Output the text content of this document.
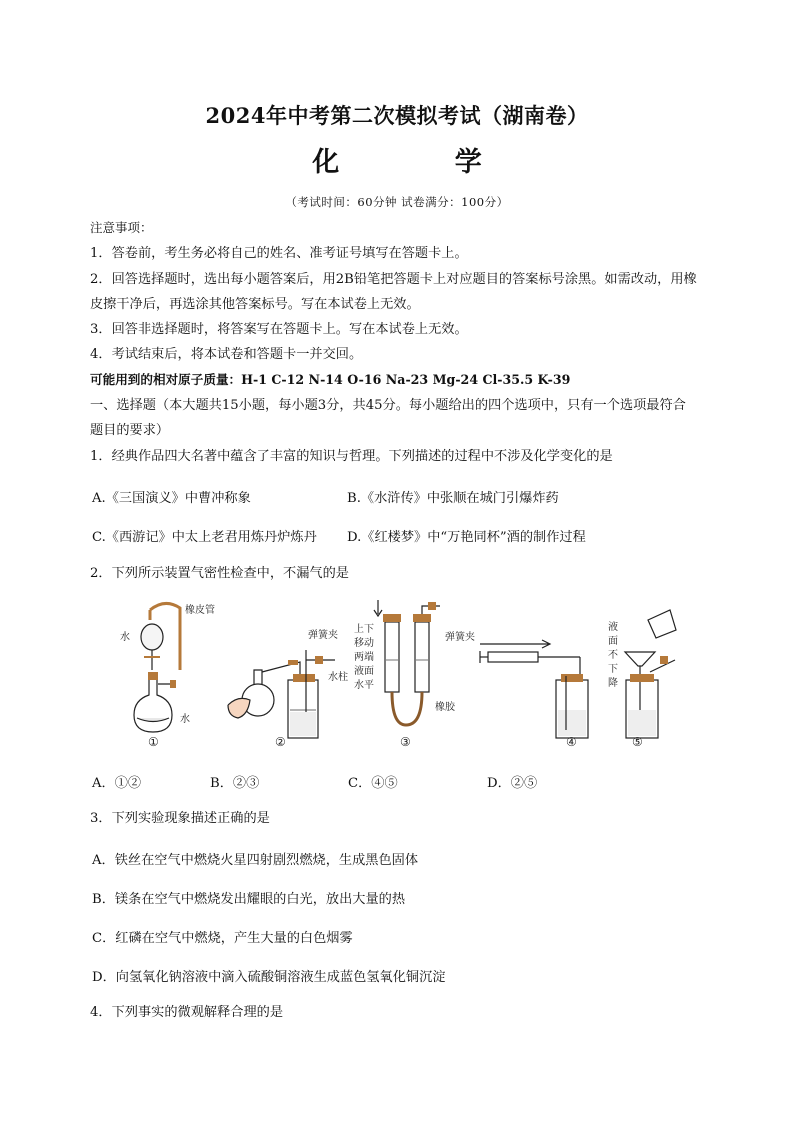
2024年中考第二次模拟考试（湖南卷）
化 学
（考试时间：60分钟 试卷满分：100分）
注意事项：
1．答卷前，考生务必将自己的姓名、准考证号填写在答题卡上。
2．回答选择题时，选出每小题答案后，用2B铅笔把答题卡上对应题目的答案标号涂黑。如需改动，用橡
皮擦干净后，再选涂其他答案标号。写在本试卷上无效。
3．回答非选择题时，将答案写在答题卡上。写在本试卷上无效。
4．考试结束后，将本试卷和答题卡一并交回。
可能用到的相对原子质量：H-1 C-12 N-14 O-16 Na-23 Mg-24 Cl-35.5 K-39
一、选择题（本大题共15小题，每小题3分，共45分。每小题给出的四个选项中，只有一个选项最符合
题目的要求）
1．经典作品四大名著中蕴含了丰富的知识与哲理。下列描述的过程中不涉及化学变化的是
A.《三国演义》中曹冲称象	B.《水浒传》中张顺在城门引爆炸药
C.《西游记》中太上老君用炼丹炉炼丹 D.《红楼梦》中“万艳同杯”酒的制作过程
2．下列所示装置气密性检查中，不漏气的是
橡皮管
水
水
①
弹簧夹
水柱
②
上下
移动
两端
液面
水平
弹簧夹
橡胶
③	④
液
面
不
下
降
⑤
A．①②	B．②③	C．④⑤	D．②⑤
3．下列实验现象描述正确的是
A．铁丝在空气中燃烧火星四射剧烈燃烧，生成黑色固体
B．镁条在空气中燃烧发出耀眼的白光，放出大量的热
C．红磷在空气中燃烧，产生大量的白色烟雾
D．向氢氧化钠溶液中滴入硫酸铜溶液生成蓝色氢氧化铜沉淀
4．下列事实的微观解释合理的是
